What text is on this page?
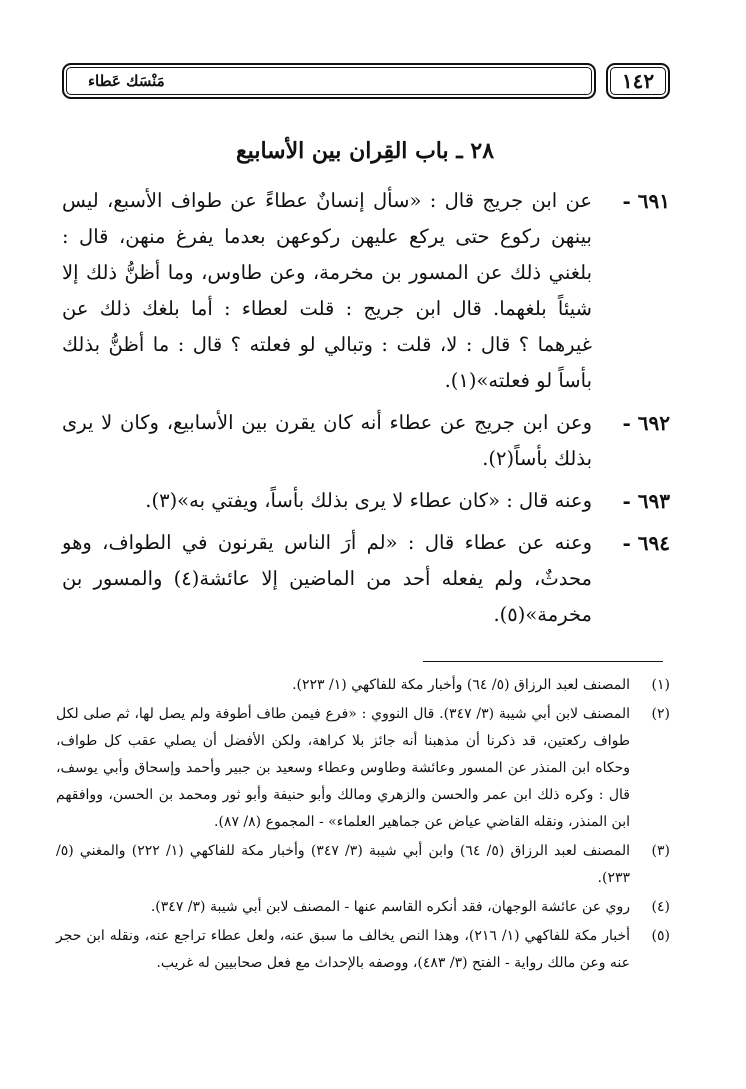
مَنْسَك عَطاء	١٤٢
٢٨ ـ باب القِران بين الأسابيع
٦٩١ -
عن ابن جريج قال : «سأل إنسانٌ عطاءً عن طواف الأسبع، ليس بينهن ركوع حتى يركع عليهن ركوعهن بعدما يفرغ منهن، قال : بلغني ذلك عن المسور بن مخرمة، وعن طاوس، وما أظنُّ ذلك إلا شيئاً بلغهما. قال ابن جريج : قلت لعطاء : أما بلغك ذلك عن غيرهما ؟ قال : لا، قلت : وتبالي لو فعلته ؟ قال : ما أظنُّ بذلك بأساً لو فعلته»(١).
٦٩٢ -
وعن ابن جريج عن عطاء أنه كان يقرن بين الأسابيع، وكان لا يرى بذلك بأساً(٢).
٦٩٣ -
وعنه قال : «كان عطاء لا يرى بذلك بأساً، ويفتي به»(٣).
٦٩٤ -
وعنه عن عطاء قال : «لم أرَ الناس يقرنون في الطواف، وهو محدثٌ، ولم يفعله أحد من الماضين إلا عائشة(٤) والمسور بن مخرمة»(٥).
(١)
المصنف لعبد الرزاق (٥/ ٦٤) وأخبار مكة للفاكهي (١/ ٢٢٣).
(٢)
المصنف لابن أبي شيبة (٣/ ٣٤٧). قال النووي : «فرع فيمن طاف أطوفة ولم يصل لها، ثم صلى لكل طواف ركعتين، قد ذكرنا أن مذهبنا أنه جائز بلا كراهة، ولكن الأفضل أن يصلي عقب كل طواف، وحكاه ابن المنذر عن المسور وعائشة وطاوس وعطاء وسعيد بن جبير وأحمد وإسحاق وأبي يوسف، قال : وكره ذلك ابن عمر والحسن والزهري ومالك وأبو حنيفة وأبو ثور ومحمد بن الحسن، ووافقهم ابن المنذر، ونقله القاضي عياض عن جماهير العلماء» - المجموع (٨/ ٨٧).
(٣)
المصنف لعبد الرزاق (٥/ ٦٤) وابن أبي شيبة (٣/ ٣٤٧) وأخبار مكة للفاكهي (١/ ٢٢٢) والمغني (٥/ ٢٣٣).
(٤)
روي عن عائشة الوجهان، فقد أنكره القاسم عنها - المصنف لابن أبي شيبة (٣/ ٣٤٧).
(٥)
أخبار مكة للفاكهي (١/ ٢١٦)، وهذا النص يخالف ما سبق عنه، ولعل عطاء تراجع عنه، ونقله ابن حجر عنه وعن مالك رواية - الفتح (٣/ ٤٨٣)، ووصفه بالإحداث مع فعل صحابيين له غريب.
